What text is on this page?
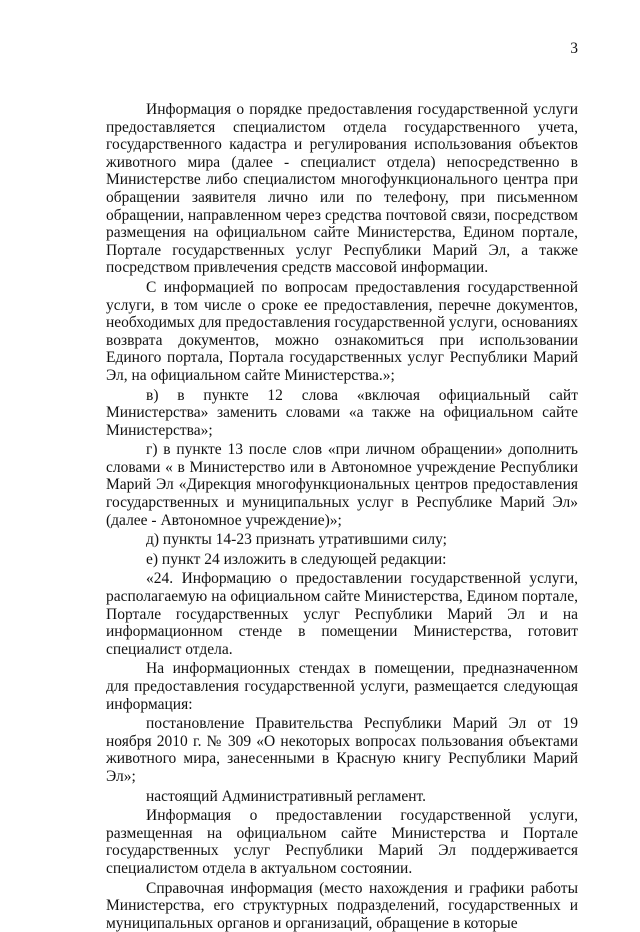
3

Информация о порядке предоставления государственной услуги предоставляется специалистом отдела государственного учета, государственного кадастра и регулирования использования объектов животного мира (далее - специалист отдела) непосредственно в Министерстве либо специалистом многофункционального центра при обращении заявителя лично или по телефону, при письменном обращении, направленном через средства почтовой связи, посредством размещения на официальном сайте Министерства, Едином портале, Портале государственных услуг Республики Марий Эл, а также посредством привлечения средств массовой информации.

С информацией по вопросам предоставления государственной услуги, в том числе о сроке ее предоставления, перечне документов, необходимых для предоставления государственной услуги, основаниях возврата документов, можно ознакомиться при использовании Единого портала, Портала государственных услуг Республики Марий Эл, на официальном сайте Министерства.»;

в) в пункте 12 слова «включая официальный сайт Министерства» заменить словами «а также на официальном сайте Министерства»;

г) в пункте 13 после слов «при личном обращении» дополнить словами « в Министерство или в Автономное учреждение Республики Марий Эл «Дирекция многофункциональных центров предоставления государственных и муниципальных услуг в Республике Марий Эл» (далее - Автономное учреждение)»;

д) пункты 14-23 признать утратившими силу;

е) пункт 24 изложить в следующей редакции:

«24. Информацию о предоставлении государственной услуги, располагаемую на официальном сайте Министерства, Едином портале, Портале государственных услуг Республики Марий Эл и на информационном стенде в помещении Министерства, готовит специалист отдела.

На информационных стендах в помещении, предназначенном для предоставления государственной услуги, размещается следующая информация:

постановление Правительства Республики Марий Эл от 19 ноября 2010 г. № 309 «О некоторых вопросах пользования объектами животного мира, занесенными в Красную книгу Республики Марий Эл»;

настоящий Административный регламент.

Информация о предоставлении государственной услуги, размещенная на официальном сайте Министерства и Портале государственных услуг Республики Марий Эл поддерживается специалистом отдела в актуальном состоянии.

Справочная информация (место нахождения и графики работы Министерства, его структурных подразделений, государственных и муниципальных органов и организаций, обращение в которые
